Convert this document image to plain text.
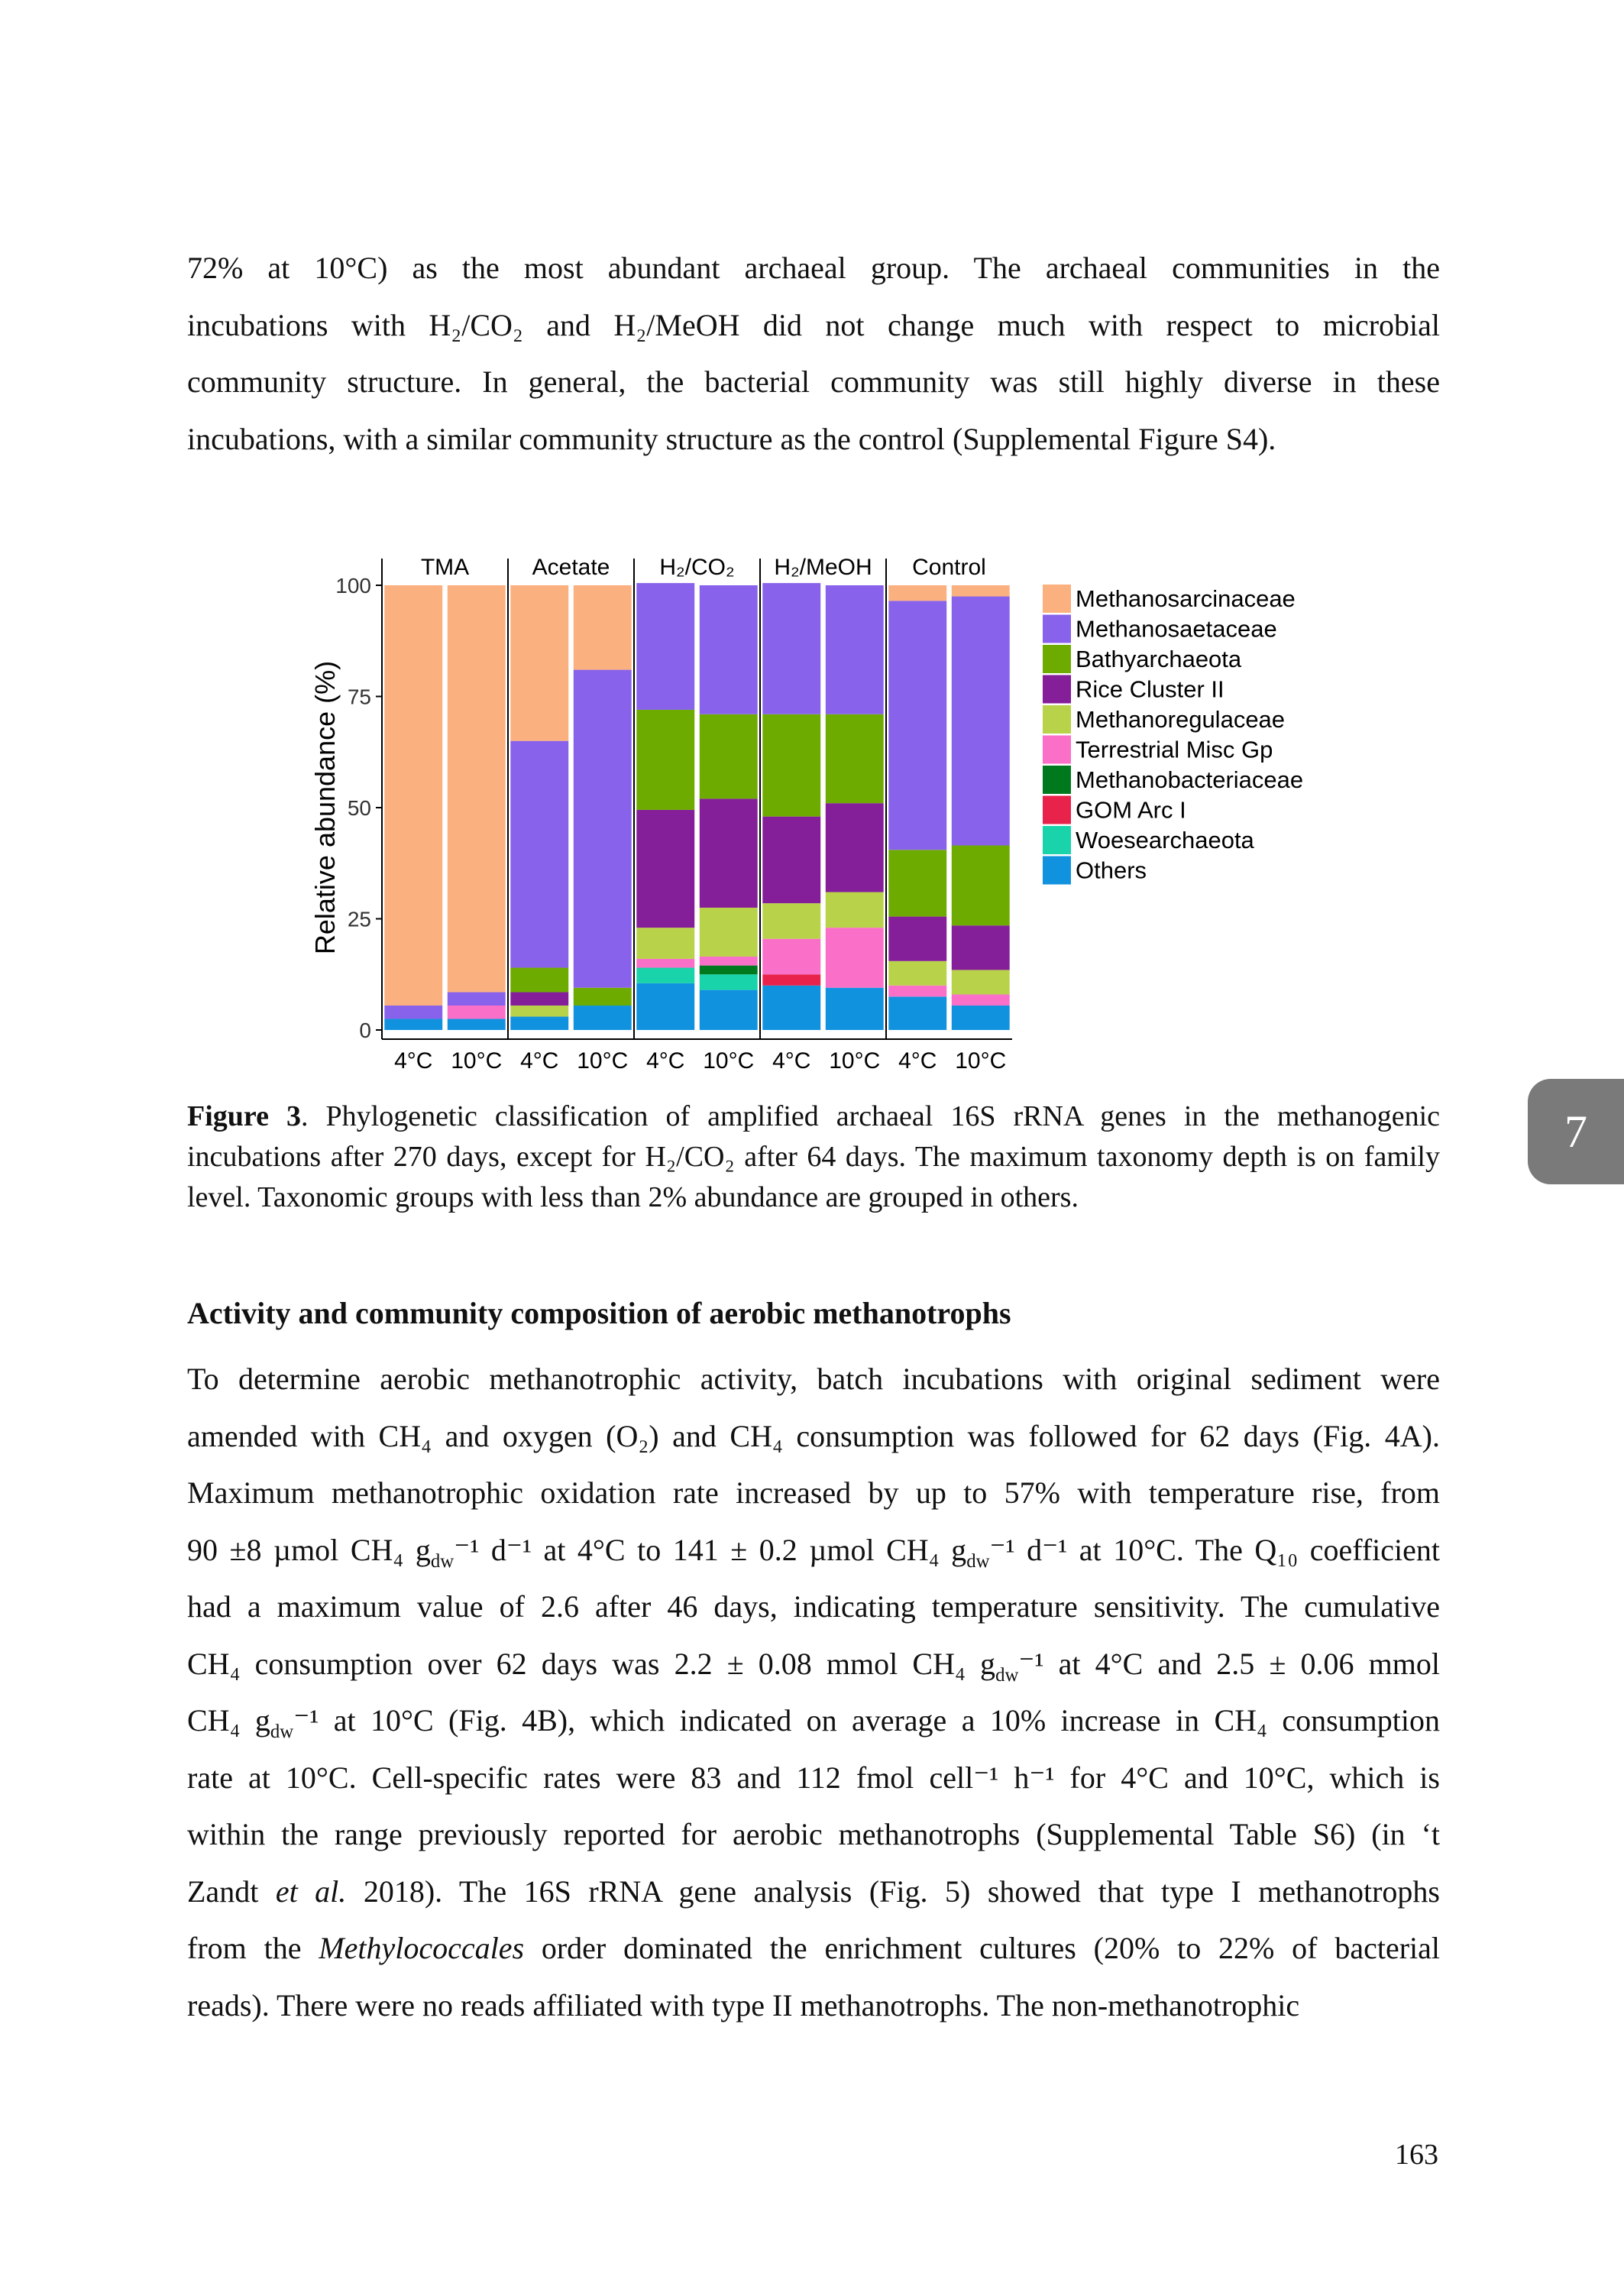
72% at 10°C) as the most abundant archaeal group. The archaeal communities in the
incubations with H₂/CO₂ and H₂/MeOH did not change much with respect to microbial
community structure. In general, the bacterial community was still highly diverse in these
incubations, with a similar community structure as the control (Supplemental Figure S4).
0
25
50
75
100
Relative abundance (%)
4°C 10°C 4°C 10°C 4°C 10°C 4°C 10°C 4°C 10°C
TMA	Acetate H₂/CO₂ H₂/MeOH Control
Methanosarcinaceae
Methanosaetaceae
Bathyarchaeota
Rice Cluster II
Methanoregulaceae
Terrestrial Misc Gp
Methanobacteriaceae
GOM Arc I
Woesearchaeota
Others

Figure 3. Phylogenetic classification of amplified archaeal 16S rRNA genes in the methanogenic
incubations after 270 days, except for H₂/CO₂ after 64 days. The maximum taxonomy depth is on family
level. Taxonomic groups with less than 2% abundance are grouped in others.

7

Activity and community composition of aerobic methanotrophs

To determine aerobic methanotrophic activity, batch incubations with original sediment were
amended with CH₄ and oxygen (O₂) and CH₄ consumption was followed for 62 days (Fig. 4A).
Maximum methanotrophic oxidation rate increased by up to 57% with temperature rise, from
90 ±8 µmol CH₄ $g_{dw}^{-1}$ d⁻¹ at 4°C to 141 ± 0.2 µmol CH₄ $g_{dw}^{-1}$ d⁻¹ at 10°C. The Q₁₀ coefficient
had a maximum value of 2.6 after 46 days, indicating temperature sensitivity. The cumulative
CH₄ consumption over 62 days was 2.2 ± 0.08 mmol CH₄ $g_{dw}^{-1}$ at 4°C and 2.5 ± 0.06 mmol
CH₄ $g_{dw}^{-1}$ at 10°C (Fig. 4B), which indicated on average a 10% increase in CH₄ consumption
rate at 10°C. Cell-specific rates were 83 and 112 fmol cell⁻¹ h⁻¹ for 4°C and 10°C, which is
within the range previously reported for aerobic methanotrophs (Supplemental Table S6) (in ‘t
Zandt et al. 2018). The 16S rRNA gene analysis (Fig. 5) showed that type I methanotrophs
from the Methylococcales order dominated the enrichment cultures (20% to 22% of bacterial
reads). There were no reads affiliated with type II methanotrophs. The non-methanotrophic
163
